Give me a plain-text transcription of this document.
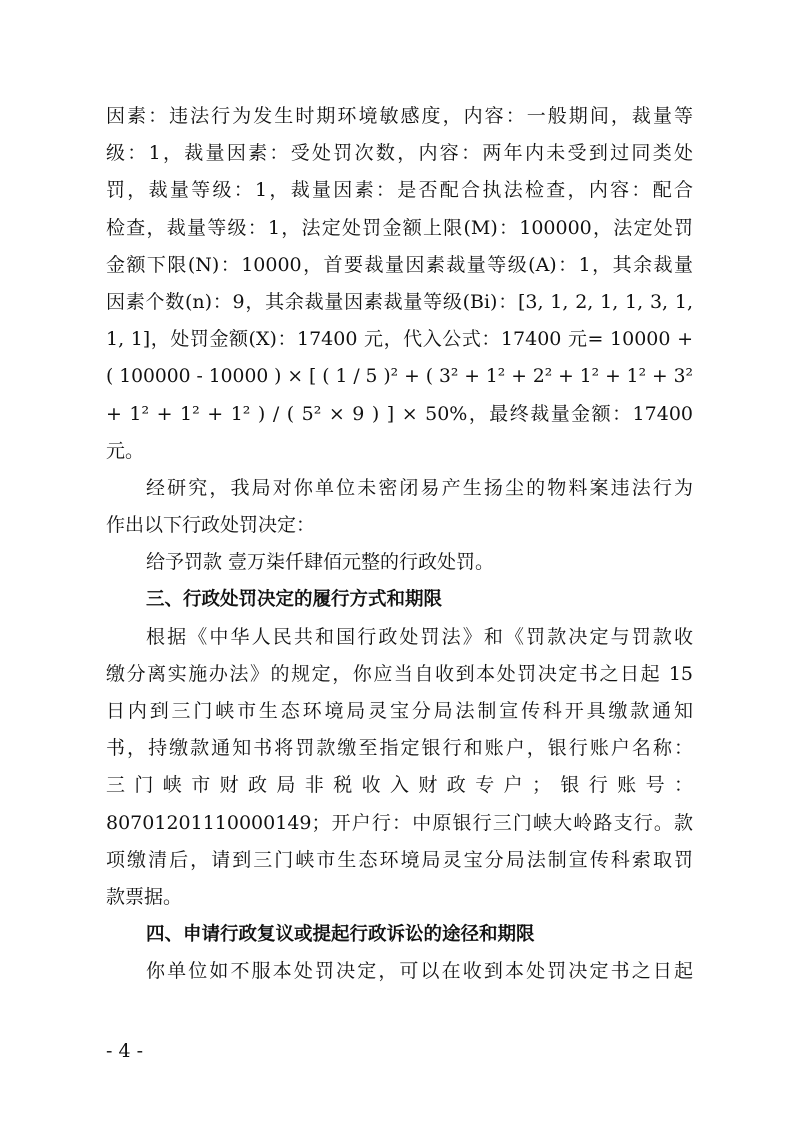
因素：违法行为发生时期环境敏感度，内容：一般期间，裁量等
级：1，裁量因素：受处罚次数，内容：两年内未受到过同类处
罚，裁量等级：1，裁量因素：是否配合执法检查，内容：配合
检查，裁量等级：1，法定处罚金额上限(M)：100000，法定处罚
金额下限(N)：10000，首要裁量因素裁量等级(A)：1，其余裁量
因素个数(n)：9，其余裁量因素裁量等级(Bi)：[3, 1, 2, 1, 1, 3, 1,
1, 1]，处罚金额(X)：17400 元，代入公式：17400 元= 10000 +
( 100000 - 10000 ) × [ ( 1 / 5 )² + ( 3² + 1² + 2² + 1² + 1² + 3²
+ 1² + 1² + 1² ) / ( 5² × 9 ) ] × 50%，最终裁量金额：17400
元。
经研究，我局对你单位未密闭易产生扬尘的物料案违法行为
作出以下行政处罚决定：
给予罚款 壹万柒仟肆佰元整的行政处罚。
三、行政处罚决定的履行方式和期限
根据《中华人民共和国行政处罚法》和《罚款决定与罚款收
缴分离实施办法》的规定，你应当自收到本处罚决定书之日起 15
日内到三门峡市生态环境局灵宝分局法制宣传科开具缴款通知
书，持缴款通知书将罚款缴至指定银行和账户，银行账户名称：
三门峡市财政局非税收入财政专户；银行账号：
80701201110000149；开户行：中原银行三门峡大岭路支行。款
项缴清后，请到三门峡市生态环境局灵宝分局法制宣传科索取罚
款票据。
四、申请行政复议或提起行政诉讼的途径和期限
你单位如不服本处罚决定，可以在收到本处罚决定书之日起
- 4 -
